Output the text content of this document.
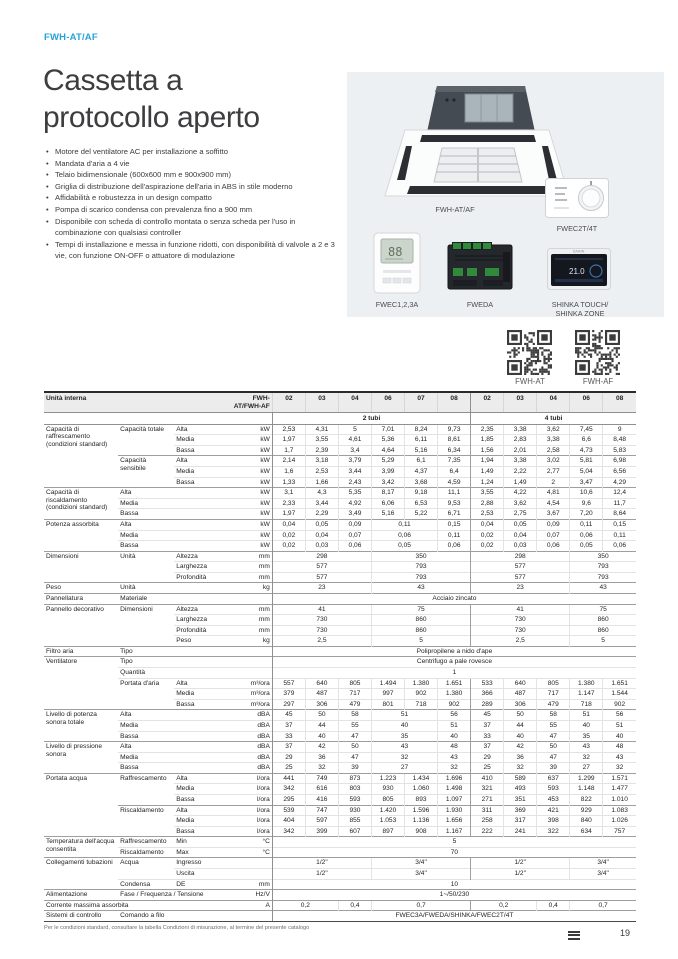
FWH-AT/AF
Cassetta a
protocollo aperto
• Motore del ventilatore AC per installazione a soffitto
• Mandata d'aria a 4 vie
• Telaio bidimensionale (600x600 mm e 900x900 mm)
• Griglia di distribuzione dell'aspirazione dell'aria in ABS in stile moderno
• Affidabilità e robustezza in un design compatto
• Pompa di scarico condensa con prevalenza fino a 900 mm
• Disponibile con scheda di controllo montata o senza scheda per l'uso in combinazione con qualsiasi controller
• Tempi di installazione e messa in funzione ridotti, con disponibilità di valvole a 2 e 3 vie, con funzione ON-OFF o attuatore di modulazione
FWH-AT/AF
FWEC2T/4T
88
FWEC1,2,3A	FWEDA
21.0
DAIKIN
SHINKA TOUCH/
SHINKA ZONE
FWH-AT	FWH-AF
Unità interna			FWH-AT/FWH-AF	02	03	04	06	07	08	02	03	04	06	08
				2 tubi						4 tubi				
Capacità di raffrescamento (condizioni standard)	Capacità totale	Alta	kW	2,53	4,31	5	7,01	8,24	9,73	2,35	3,38	3,62	7,45	9
		Media	kW	1,97	3,55	4,61	5,36	6,11	8,61	1,85	2,83	3,38	6,6	8,48
		Bassa	kW	1,7	2,39	3,4	4,64	5,16	6,34	1,56	2,01	2,58	4,73	5,83
	Capacità sensibile	Alta	kW	2,14	3,18	3,79	5,29	6,1	7,35	1,94	3,38	3,02	5,81	6,98
		Media	kW	1,6	2,53	3,44	3,99	4,37	6,4	1,49	2,22	2,77	5,04	6,56
		Bassa	kW	1,33	1,66	2,43	3,42	3,68	4,59	1,24	1,49	2	3,47	4,29
Capacità di riscaldamento (condizioni standard)	Alta		kW	3,1	4,3	5,35	8,17	9,18	11,1	3,55	4,22	4,81	10,6	12,4
	Media		kW	2,33	3,44	4,92	6,06	6,53	9,53	2,88	3,62	4,54	9,6	11,7
	Bassa		kW	1,97	2,29	3,49	5,16	5,22	6,71	2,53	2,75	3,67	7,20	8,64
Potenza assorbita	Alta		kW	0,04	0,05	0,09	0,11		0,15	0,04	0,05	0,09	0,11	0,15
	Media		kW	0,02	0,04	0,07	0,06		0,11	0,02	0,04	0,07	0,06	0,11
	Bassa		kW	0,02	0,03	0,06	0,05		0,06	0,02	0,03	0,06	0,05	0,06
Dimensioni	Unità	Altezza	mm	298			350			298			350	
		Larghezza	mm	577			793			577			793	
		Profondità	mm	577			793			577			793	
Peso	Unità		kg	23			43			23			43	
Pannellatura	Materiale			Acciaio zincato										
Pannello decorativo	Dimensioni	Altezza	mm	41			75			41			75	
		Larghezza	mm	730			860			730			860	
		Profondità	mm	730			860			730			860	
		Peso	kg	2,5			5			2,5			5	
Filtro aria	Tipo			Polipropilene a nido d'ape										
Ventilatore	Tipo			Centrifugo a pale rovesce										
	Quantità			1										
	Portata d'aria	Alta	m³/ora	557	640	805	1.494	1.380	1.651	533	640	805	1.380	1.651
		Media	m³/ora	379	487	717	997	902	1.380	366	487	717	1.147	1.544
		Bassa	m³/ora	297	306	479	801	718	902	289	306	479	718	902
Livello di potenza sonora totale	Alta		dBA	45	50	58	51		56	45	50	58	51	56
	Media		dBA	37	44	55	40		51	37	44	55	40	51
	Bassa		dBA	33	40	47	35		40	33	40	47	35	40
Livello di pressione sonora	Alta		dBA	37	42	50	43		48	37	42	50	43	48
	Media		dBA	29	36	47	32		43	29	36	47	32	43
	Bassa		dBA	25	32	39	27		32	25	32	39	27	32
Portata acqua	Raffrescamento	Alta	l/ora	441	749	873	1.223	1.434	1.696	410	589	637	1.299	1.571
		Media	l/ora	342	616	803	930	1.060	1.498	321	493	593	1.148	1.477
		Bassa	l/ora	295	416	593	805	893	1.097	271	351	453	822	1.010
	Riscaldamento	Alta	l/ora	539	747	930	1.420	1.596	1.930	311	369	421	929	1.083
		Media	l/ora	404	597	855	1.053	1.136	1.656	258	317	398	840	1.026
		Bassa	l/ora	342	399	607	897	908	1.167	222	241	322	634	757
Temperatura dell'acqua consentita	Raffrescamento	Min	°C	5										
	Riscaldamento	Max	°C	70										
Collegamenti tubazioni	Acqua	Ingresso		1/2"			3/4"			1/2"			3/4"	
		Uscita		1/2"			3/4"			1/2"			3/4"	
	Condensa	DE	mm	10										
Alimentazione	Fase / Frequenza / Tensione		Hz/V	1~/50/230										
Corrente massima assorbita			A	0,2		0,4	0,7			0,2		0,4	0,7	
Sistemi di controllo	Comando a filo			FWEC3A/FWEDA/SHINKA/FWEC2T/4T										
Per le condizioni standard, consultare la tabella Condizioni di misurazione, al termine del presente catalogo
19
